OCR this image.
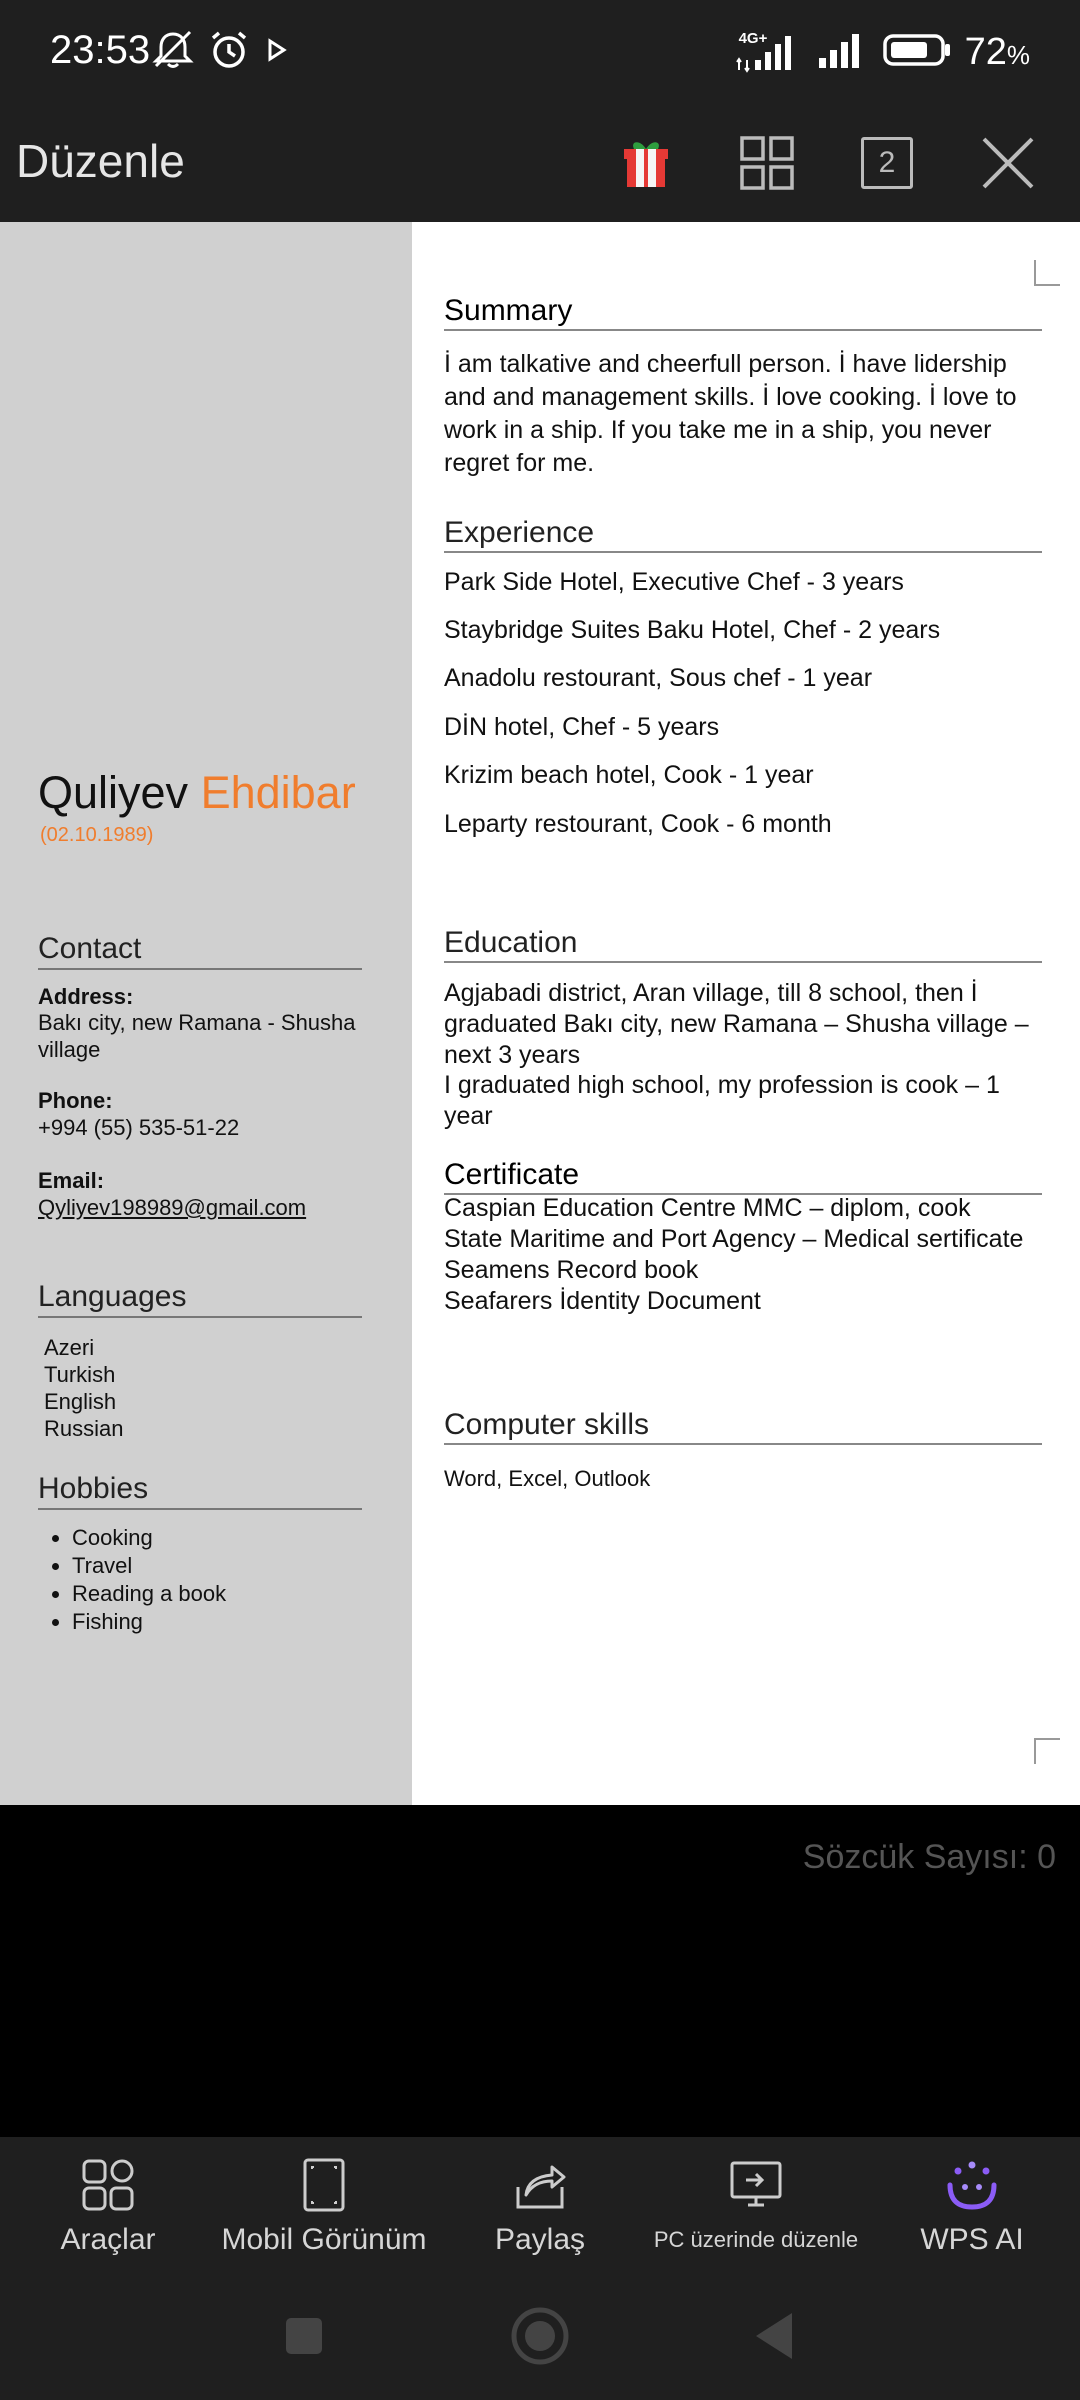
23:53	4G+	72%
Düzenle	2
Quliyev Ehdibar
(02.10.1989)
Contact
Address:
Bakı city, new Ramana - Shusha village
Phone:
+994 (55) 535-51-22
Email:
Qyliyev198989@gmail.com
Languages
Azeri
Turkish
English
Russian
Hobbies
• Cooking
• Travel
• Reading a book
• Fishing
Summary
İ am talkative and cheerfull person. İ have lidership and and management skills. İ love cooking. İ love to work in a ship. If you take me in a ship, you never regret for me.
Experience
Park Side Hotel, Executive Chef - 3 years
Staybridge Suites Baku Hotel, Chef - 2 years
Anadolu restourant, Sous chef - 1 year
DİN hotel, Chef - 5 years
Krizim beach hotel, Cook - 1 year
Leparty restourant, Cook - 6 month
Education
Agjabadi district, Aran village, till 8 school, then İ graduated Bakı city, new Ramana – Shusha village – next 3 years
I graduated high school, my profession is cook – 1 year
Certificate
Caspian Education Centre MMC – diplom, cook
State Maritime and Port Agency – Medical sertificate
Seamens Record book
Seafarers İdentity Document
Computer skills
Word, Excel, Outlook
Sözcük Sayısı: 0
Araçlar Mobil Görünüm Paylaş	PC üzerinde düzenle WPS AI
